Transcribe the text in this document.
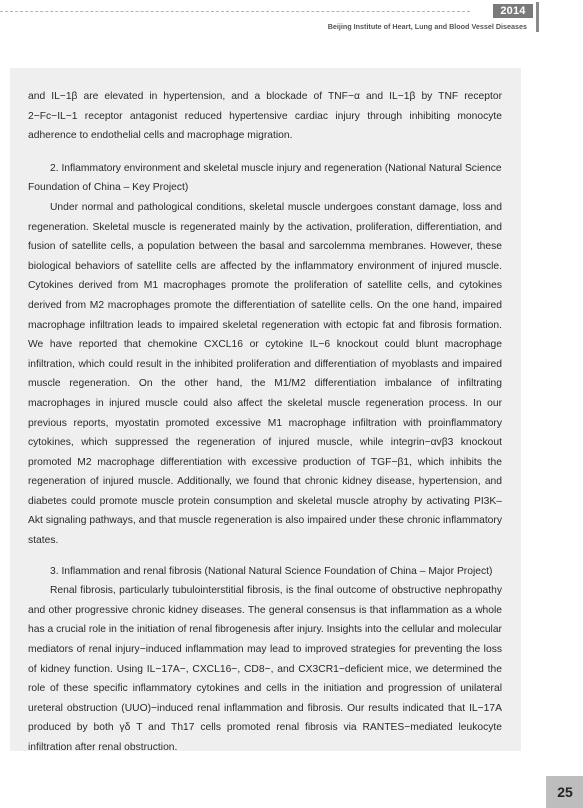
2014
Beijing Institute of Heart, Lung and Blood Vessel Diseases

and IL−1β are elevated in hypertension, and a blockade of TNF−α and IL−1β by TNF receptor 2−Fc−IL−1 receptor antagonist reduced hypertensive cardiac injury through inhibiting monocyte adherence to endothelial cells and macrophage migration.

2. Inflammatory environment and skeletal muscle injury and regeneration (National Natural Science Foundation of China – Key Project)

Under normal and pathological conditions, skeletal muscle undergoes constant damage, loss and regeneration. Skeletal muscle is regenerated mainly by the activation, proliferation, differentiation, and fusion of satellite cells, a population between the basal and sarcolemma membranes. However, these biological behaviors of satellite cells are affected by the inflammatory environment of injured muscle. Cytokines derived from M1 macrophages promote the proliferation of satellite cells, and cytokines derived from M2 macrophages promote the differentiation of satellite cells. On the one hand, impaired macrophage infiltration leads to impaired skeletal regeneration with ectopic fat and fibrosis formation. We have reported that chemokine CXCL16 or cytokine IL−6 knockout could blunt macrophage infiltration, which could result in the inhibited proliferation and differentiation of myoblasts and impaired muscle regeneration. On the other hand, the M1/M2 differentiation imbalance of infiltrating macrophages in injured muscle could also affect the skeletal muscle regeneration process. In our previous reports, myostatin promoted excessive M1 macrophage infiltration with proinflammatory cytokines, which suppressed the regeneration of injured muscle, while integrin−αvβ3 knockout promoted M2 macrophage differentiation with excessive production of TGF−β1, which inhibits the regeneration of injured muscle. Additionally, we found that chronic kidney disease, hypertension, and diabetes could promote muscle protein consumption and skeletal muscle atrophy by activating PI3K–Akt signaling pathways, and that muscle regeneration is also impaired under these chronic inflammatory states.

3. Inflammation and renal fibrosis (National Natural Science Foundation of China – Major Project)

Renal fibrosis, particularly tubulointerstitial fibrosis, is the final outcome of obstructive nephropathy and other progressive chronic kidney diseases. The general consensus is that inflammation as a whole has a crucial role in the initiation of renal fibrogenesis after injury. Insights into the cellular and molecular mediators of renal injury−induced inflammation may lead to improved strategies for preventing the loss of kidney function. Using IL−17A−, CXCL16−, CD8−, and CX3CR1−deficient mice, we determined the role of these specific inflammatory cytokines and cells in the initiation and progression of unilateral ureteral obstruction (UUO)−induced renal inflammation and fibrosis. Our results indicated that IL−17A produced by both γδ T and Th17 cells promoted renal fibrosis via RANTES−mediated leukocyte infiltration after renal obstruction.

25
